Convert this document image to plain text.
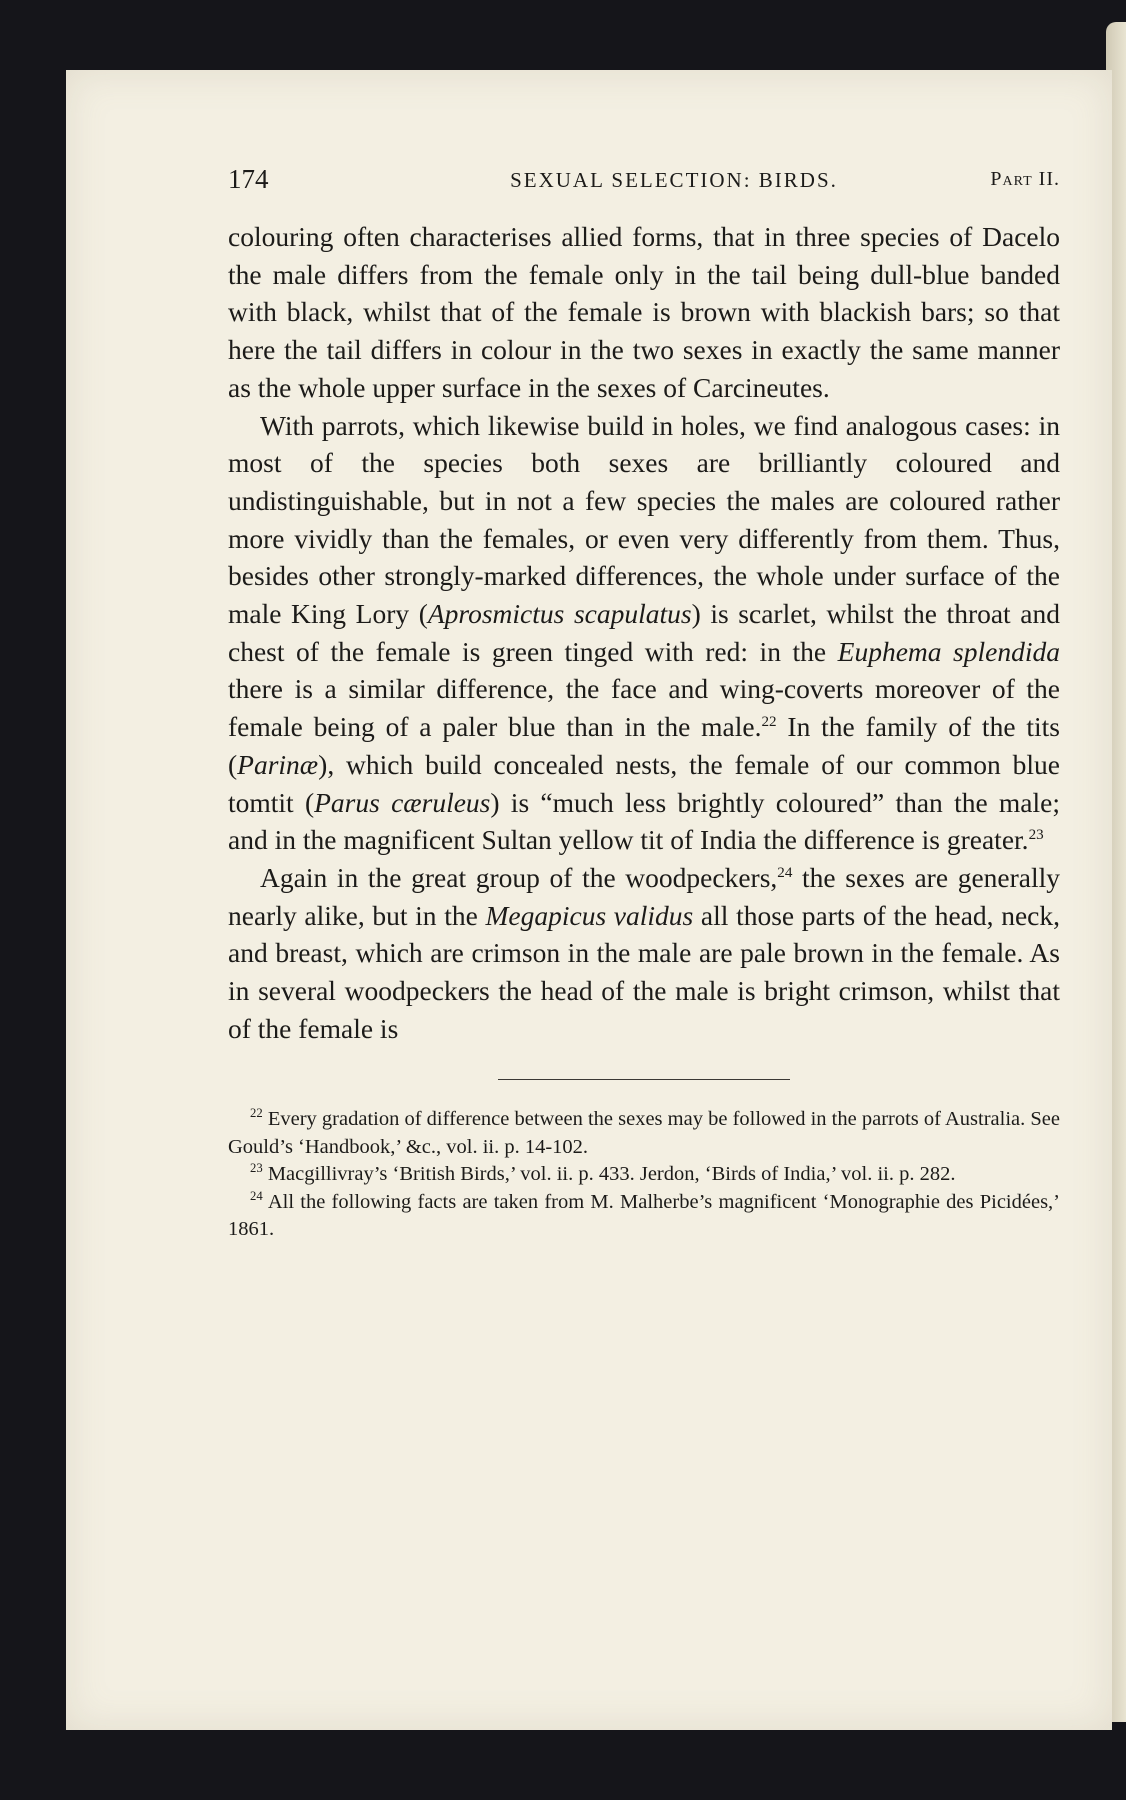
174	SEXUAL SELECTION: BIRDS.	Part II.

colouring often characterises allied forms, that in three species of Dacelo the male differs from the female only in the tail being dull-blue banded with black, whilst that of the female is brown with blackish bars; so that here the tail differs in colour in the two sexes in exactly the same manner as the whole upper surface in the sexes of Carcineutes.

With parrots, which likewise build in holes, we find analogous cases: in most of the species both sexes are brilliantly coloured and undistinguishable, but in not a few species the males are coloured rather more vividly than the females, or even very differently from them. Thus, besides other strongly-marked differences, the whole under surface of the male King Lory (Aprosmictus scapulatus) is scarlet, whilst the throat and chest of the female is green tinged with red: in the Euphema splendida there is a similar difference, the face and wing-coverts moreover of the female being of a paler blue than in the male.$^{22}$ In the family of the tits (Parinæ), which build concealed nests, the female of our common blue tomtit (Parus cæruleus) is “much less brightly coloured” than the male; and in the magnificent Sultan yellow tit of India the difference is greater.$^{23}$

Again in the great group of the woodpeckers,$^{24}$ the sexes are generally nearly alike, but in the Megapicus validus all those parts of the head, neck, and breast, which are crimson in the male are pale brown in the female. As in several woodpeckers the head of the male is bright crimson, whilst that of the female is

$^{22}$ Every gradation of difference between the sexes may be followed in the parrots of Australia. See Gould’s ‘Handbook,’ &c., vol. ii. p. 14-102.

$^{23}$ Macgillivray’s ‘British Birds,’ vol. ii. p. 433. Jerdon, ‘Birds of India,’ vol. ii. p. 282.

$^{24}$ All the following facts are taken from M. Malherbe’s magnificent ‘Monographie des Picidées,’ 1861.
